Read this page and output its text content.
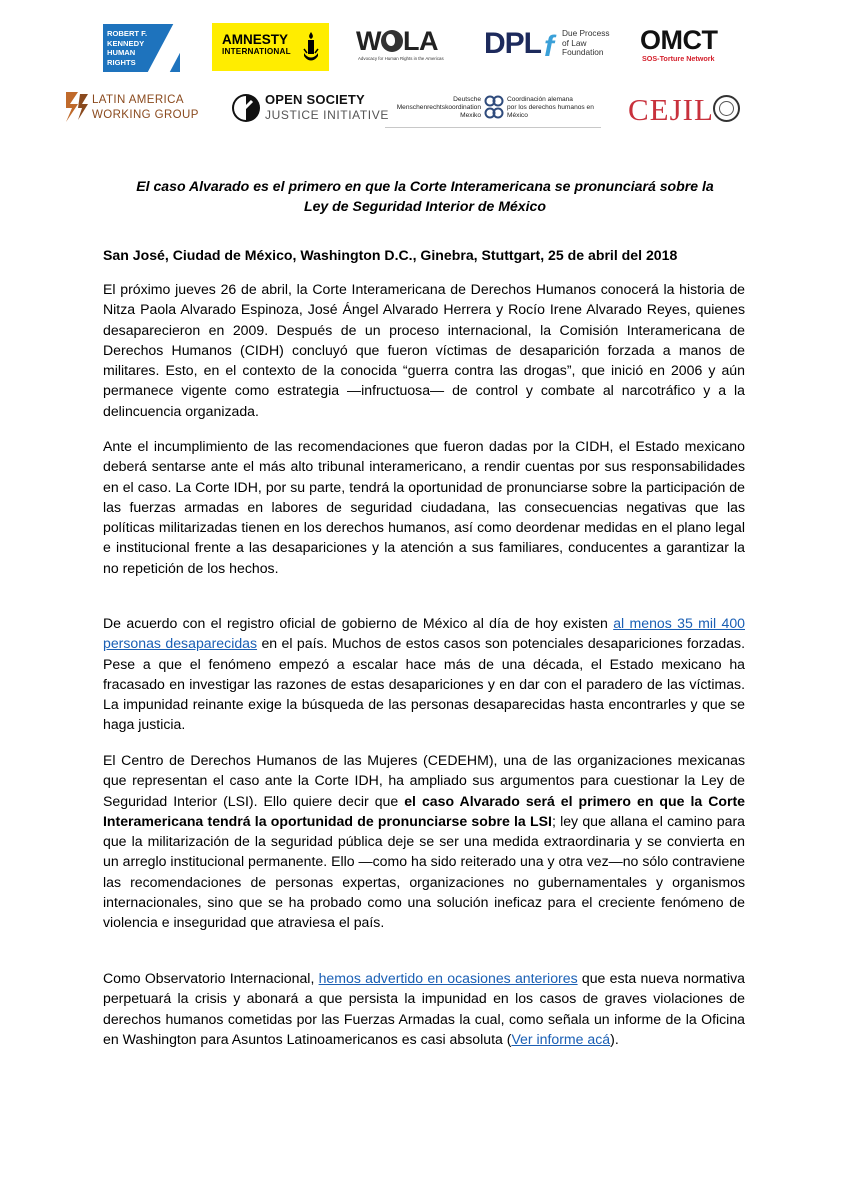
ROBERT F.
KENNEDY
HUMAN
RIGHTS
AMNESTY
INTERNATIONAL	W LA
Advocacy for Human Rights in the Americas	DPL f Due Process
of Law
Foundation OMCT
SOS-Torture Network
LATIN AMERICA
WORKING GROUP
OPEN SOCIETY
JUSTICE INITIATIVE
Deutsche
Menschenrechtskoordination
Mexiko
Coordinación alemana
por los derechos humanos en
México	CEJIL
El caso Alvarado es el primero en que la Corte Interamericana se pronunciará sobre la
Ley de Seguridad Interior de México

San José, Ciudad de México, Washington D.C., Ginebra, Stuttgart, 25 de abril del 2018

El próximo jueves 26 de abril, la Corte Interamericana de Derechos Humanos conocerá la historia de Nitza Paola Alvarado Espinoza, José Ángel Alvarado Herrera y Rocío Irene Alvarado Reyes, quienes desaparecieron en 2009. Después de un proceso internacional, la Comisión Interamericana de Derechos Humanos (CIDH) concluyó que fueron víctimas de desaparición forzada a manos de militares. Esto, en el contexto de la conocida “guerra contra las drogas”, que inició en 2006 y aún permanece vigente como estrategia —infructuosa— de control y combate al narcotráfico y a la delincuencia organizada.

Ante el incumplimiento de las recomendaciones que fueron dadas por la CIDH, el Estado mexicano deberá sentarse ante el más alto tribunal interamericano, a rendir cuentas por sus responsabilidades en el caso. La Corte IDH, por su parte, tendrá la oportunidad de pronunciarse sobre la participación de las fuerzas armadas en labores de seguridad ciudadana, las consecuencias negativas que las políticas militarizadas tienen en los derechos humanos, así como deordenar medidas en el plano legal e institucional frente a las desapariciones y la atención a sus familiares, conducentes a garantizar la no repetición de los hechos.

De acuerdo con el registro oficial de gobierno de México al día de hoy existen al menos 35 mil 400 personas desaparecidas en el país. Muchos de estos casos son potenciales desapariciones forzadas. Pese a que el fenómeno empezó a escalar hace más de una década, el Estado mexicano ha fracasado en investigar las razones de estas desapariciones y en dar con el paradero de las víctimas. La impunidad reinante exige la búsqueda de las personas desaparecidas hasta encontrarles y que se haga justicia.

El Centro de Derechos Humanos de las Mujeres (CEDEHM), una de las organizaciones mexicanas que representan el caso ante la Corte IDH, ha ampliado sus argumentos para cuestionar la Ley de Seguridad Interior (LSI). Ello quiere decir que el caso Alvarado será el primero en que la Corte Interamericana tendrá la oportunidad de pronunciarse sobre la LSI; ley que allana el camino para que la militarización de la seguridad pública deje se ser una medida extraordinaria y se convierta en un arreglo institucional permanente. Ello —como ha sido reiterado una y otra vez—no sólo contraviene las recomendaciones de personas expertas, organizaciones no gubernamentales y organismos internacionales, sino que se ha probado como una solución ineficaz para el creciente fenómeno de violencia e inseguridad que atraviesa el país.

Como Observatorio Internacional, hemos advertido en ocasiones anteriores que esta nueva normativa perpetuará la crisis y abonará a que persista la impunidad en los casos de graves violaciones de derechos humanos cometidas por las Fuerzas Armadas la cual, como señala un informe de la Oficina en Washington para Asuntos Latinoamericanos es casi absoluta (Ver informe acá).
